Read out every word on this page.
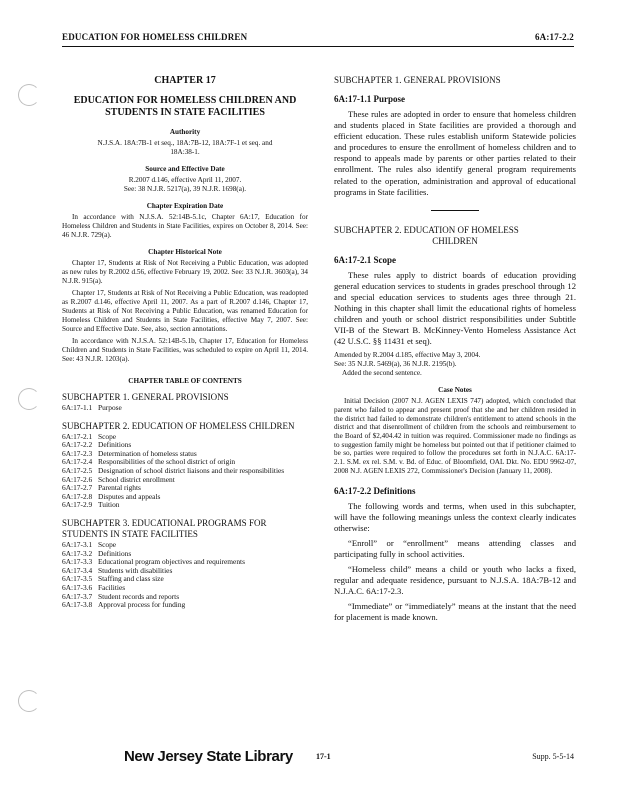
EDUCATION FOR HOMELESS CHILDREN	6A:17-2.2
CHAPTER 17
EDUCATION FOR HOMELESS CHILDREN AND STUDENTS IN STATE FACILITIES
Authority

N.J.S.A. 18A:7B-1 et seq., 18A:7B-12, 18A:7F-1 et seq. and 18A:38-1.

Source and Effective Date

R.2007 d.146, effective April 11, 2007.

See: 38 N.J.R. 5217(a), 39 N.J.R. 1698(a).

Chapter Expiration Date

In accordance with N.J.S.A. 52:14B-5.1c, Chapter 6A:17, Education for Homeless Children and Students in State Facilities, expires on October 8, 2014. See: 46 N.J.R. 729(a).

Chapter Historical Note

Chapter 17, Students at Risk of Not Receiving a Public Education, was adopted as new rules by R.2002 d.56, effective February 19, 2002. See: 33 N.J.R. 3603(a), 34 N.J.R. 915(a).

Chapter 17, Students at Risk of Not Receiving a Public Education, was readopted as R.2007 d.146, effective April 11, 2007. As a part of R.2007 d.146, Chapter 17, Students at Risk of Not Receiving a Public Education, was renamed Education for Homeless Children and Students in State Facilities, effective May 7, 2007. See: Source and Effective Date. See, also, section annotations.

In accordance with N.J.S.A. 52:14B-5.1b, Chapter 17, Education for Homeless Children and Students in State Facilities, was scheduled to expire on April 11, 2014. See: 43 N.J.R. 1203(a).

CHAPTER TABLE OF CONTENTS
SUBCHAPTER 1. GENERAL PROVISIONS
6A:17-1.1 Purpose
SUBCHAPTER 2. EDUCATION OF HOMELESS CHILDREN
6A:17-2.1 Scope
6A:17-2.2 Definitions
6A:17-2.3 Determination of homeless status
6A:17-2.4 Responsibilities of the school district of origin
6A:17-2.5 Designation of school district liaisons and their responsibilities
6A:17-2.6 School district enrollment
6A:17-2.7 Parental rights
6A:17-2.8 Disputes and appeals
6A:17-2.9 Tuition
SUBCHAPTER 3. EDUCATIONAL PROGRAMS FOR STUDENTS IN STATE FACILITIES
6A:17-3.1 Scope
6A:17-3.2 Definitions
6A:17-3.3 Educational program objectives and requirements
6A:17-3.4 Students with disabilities
6A:17-3.5 Staffing and class size
6A:17-3.6 Facilities
6A:17-3.7 Student records and reports
6A:17-3.8 Approval process for funding
SUBCHAPTER 1. GENERAL PROVISIONS
6A:17-1.1 Purpose

These rules are adopted in order to ensure that homeless children and students placed in State facilities are provided a thorough and efficient education. These rules establish uniform Statewide policies and procedures to ensure the enrollment of homeless children and to respond to appeals made by parents or other parties related to their enrollment. The rules also identify general program requirements related to the operation, administration and approval of educational programs in State facilities.

SUBCHAPTER 2. EDUCATION OF HOMELESS
CHILDREN
6A:17-2.1 Scope

These rules apply to district boards of education providing general education services to students in grades preschool through 12 and special education services to students ages three through 21. Nothing in this chapter shall limit the educational rights of homeless children and youth or school district responsibilities under Subtitle VII-B of the Stewart B. McKinney-Vento Homeless Assistance Act (42 U.S.C. §§ 11431 et seq).

Amended by R.2004 d.185, effective May 3, 2004.

See: 35 N.J.R. 5469(a), 36 N.J.R. 2195(b).

Added the second sentence.

Case Notes

Initial Decision (2007 N.J. AGEN LEXIS 747) adopted, which concluded that parent who failed to appear and present proof that she and her children resided in the district had failed to demonstrate children's entitlement to attend schools in the district and that disenrollment of children from the schools and reimbursement to the Board of $2,404.42 in tuition was required. Commissioner made no findings as to suggestion family might be homeless but pointed out that if petitioner claimed to be so, parties were required to follow the procedures set forth in N.J.A.C. 6A:17-2.1. S.M. ex rel. S.M. v. Bd. of Educ. of Bloomfield, OAL Dkt. No. EDU 9962-07, 2008 N.J. AGEN LEXIS 272, Commissioner's Decision (January 11, 2008).

6A:17-2.2 Definitions

The following words and terms, when used in this subchapter, will have the following meanings unless the context clearly indicates otherwise:

“Enroll” or “enrollment” means attending classes and participating fully in school activities.

“Homeless child” means a child or youth who lacks a fixed, regular and adequate residence, pursuant to N.J.S.A. 18A:7B-12 and N.J.A.C. 6A:17-2.3.

“Immediate” or “immediately” means at the instant that the need for placement is made known.

New Jersey State Library	17-1	Supp. 5-5-14
